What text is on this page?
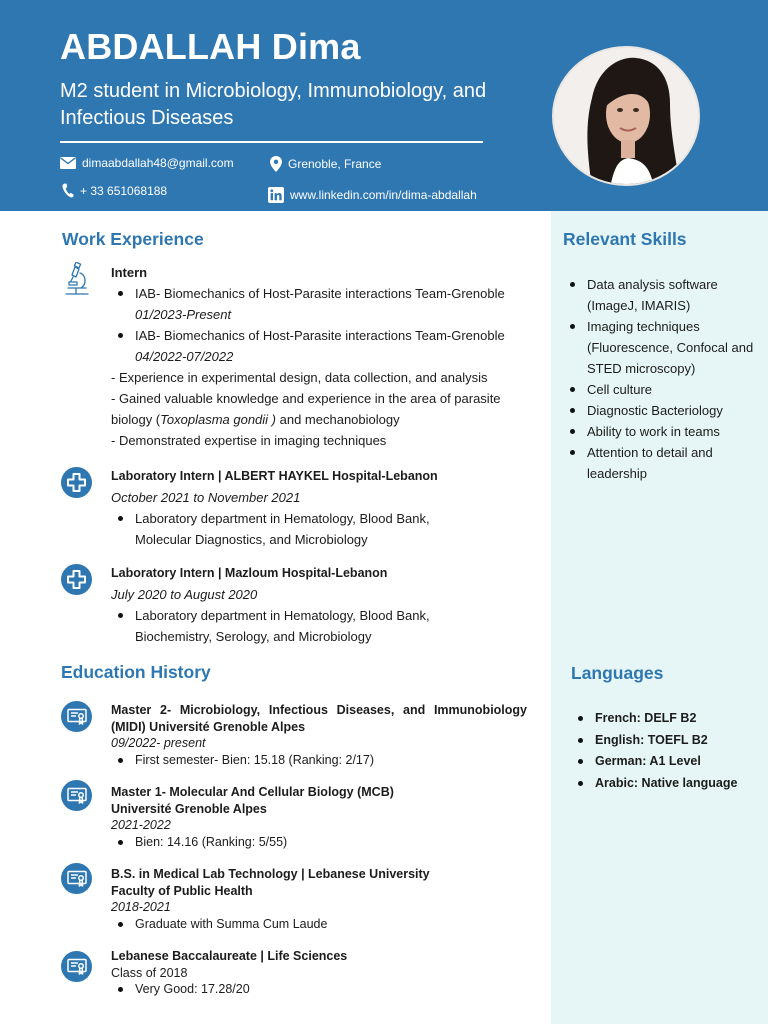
ABDALLAH Dima
M2 student in Microbiology, Immunobiology, and Infectious Diseases
dimaabdallah48@gmail.com	Grenoble, France
+ 33 651068188	www.linkedin.com/in/dima-abdallah
Relevant Skills
Data analysis software (ImageJ, IMARIS)
Imaging techniques (Fluorescence, Confocal and STED microscopy)
Cell culture
Diagnostic Bacteriology
Ability to work in teams
Attention to detail and leadership
Languages
French: DELF B2
English: TOEFL B2
German: A1 Level
Arabic: Native language
Work Experience
Intern
IAB- Biomechanics of Host-Parasite interactions Team-Grenoble 01/2023-Present
IAB- Biomechanics of Host-Parasite interactions Team-Grenoble 04/2022-07/2022
- Experience in experimental design, data collection, and analysis
- Gained valuable knowledge and experience in the area of parasite biology (Toxoplasma gondii ) and mechanobiology
- Demonstrated expertise in imaging techniques
Laboratory Intern | ALBERT HAYKEL Hospital-Lebanon
October 2021 to November 2021
Laboratory department in Hematology, Blood Bank, Molecular Diagnostics, and Microbiology
Laboratory Intern | Mazloum Hospital-Lebanon
July 2020 to August 2020
Laboratory department in Hematology, Blood Bank, Biochemistry, Serology, and Microbiology
Education History
Master 2- Microbiology, Infectious Diseases, and Immunobiology (MIDI) Université Grenoble Alpes
09/2022- present
First semester- Bien: 15.18 (Ranking: 2/17)
Master 1- Molecular And Cellular Biology (MCB)
Université Grenoble Alpes
2021-2022
Bien: 14.16 (Ranking: 5/55)
B.S. in Medical Lab Technology | Lebanese University
Faculty of Public Health
2018-2021
Graduate with Summa Cum Laude
Lebanese Baccalaureate | Life Sciences
Class of 2018
Very Good: 17.28/20
